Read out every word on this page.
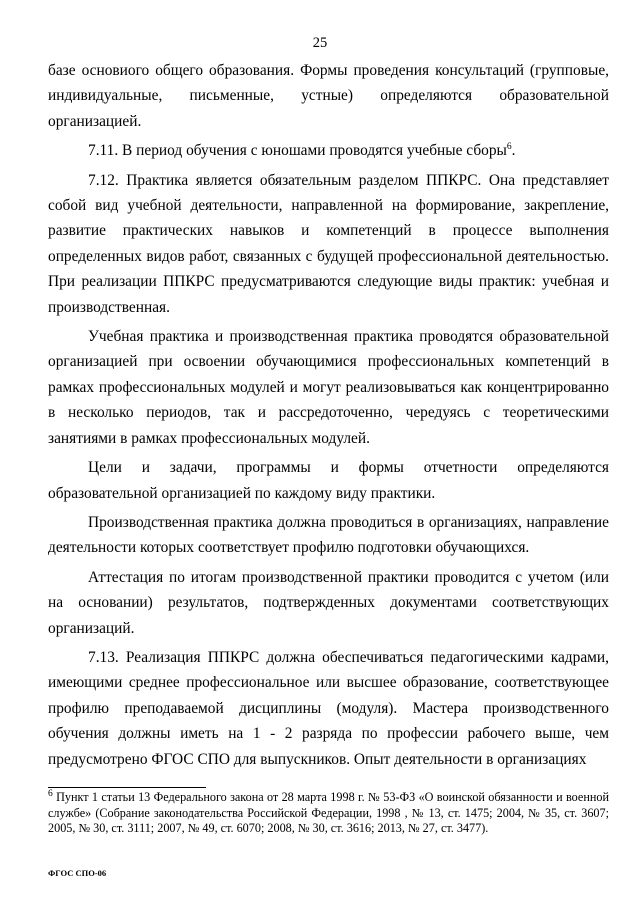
25

базе основиого общего образования. Формы проведения консультаций (групповые, индивидуальные, письменные, устные) определяются образовательной организацией.

7.11. В период обучения с юношами проводятся учебные сборы$^6$.

7.12. Практика является обязательным разделом ППКРС. Она представляет собой вид учебной деятельности, направленной на формирование, закрепление, развитие практических навыков и компетенций в процессе выполнения определенных видов работ, связанных с будущей профессиональной деятельностью. При реализации ППКРС предусматриваются следующие виды практик: учебная и производственная.

Учебная практика и производственная практика проводятся образовательной организацией при освоении обучающимися профессиональных компетенций в рамках профессиональных модулей и могут реализовываться как концентрированно в несколько периодов, так и рассредоточенно, чередуясь с теоретическими занятиями в рамках профессиональных модулей.

Цели и задачи, программы и формы отчетности определяются образовательной организацией по каждому виду практики.

Производственная практика должна проводиться в организациях, направление деятельности которых соответствует профилю подготовки обучающихся.

Аттестация по итогам производственной практики проводится с учетом (или на основании) результатов, подтвержденных документами соответствующих организаций.

7.13. Реализация ППКРС должна обеспечиваться педагогическими кадрами, имеющими среднее профессиональное или высшее образование, соответствующее профилю преподаваемой дисциплины (модуля). Мастера производственного обучения должны иметь на 1 - 2 разряда по профессии рабочего выше, чем предусмотрено ФГОС СПО для выпускников. Опыт деятельности в организациях

$^6$ Пункт 1 статьи 13 Федерального закона от 28 марта 1998 г. № 53-ФЗ «О воинской обязанности и военной службе» (Собрание законодательства Российской Федерации, 1998 , № 13, ст. 1475; 2004, № 35, ст. 3607; 2005, № 30, ст. 3111; 2007, № 49, ст. 6070; 2008, № 30, ст. 3616; 2013, № 27, ст. 3477).

ФГОС СПО-06
